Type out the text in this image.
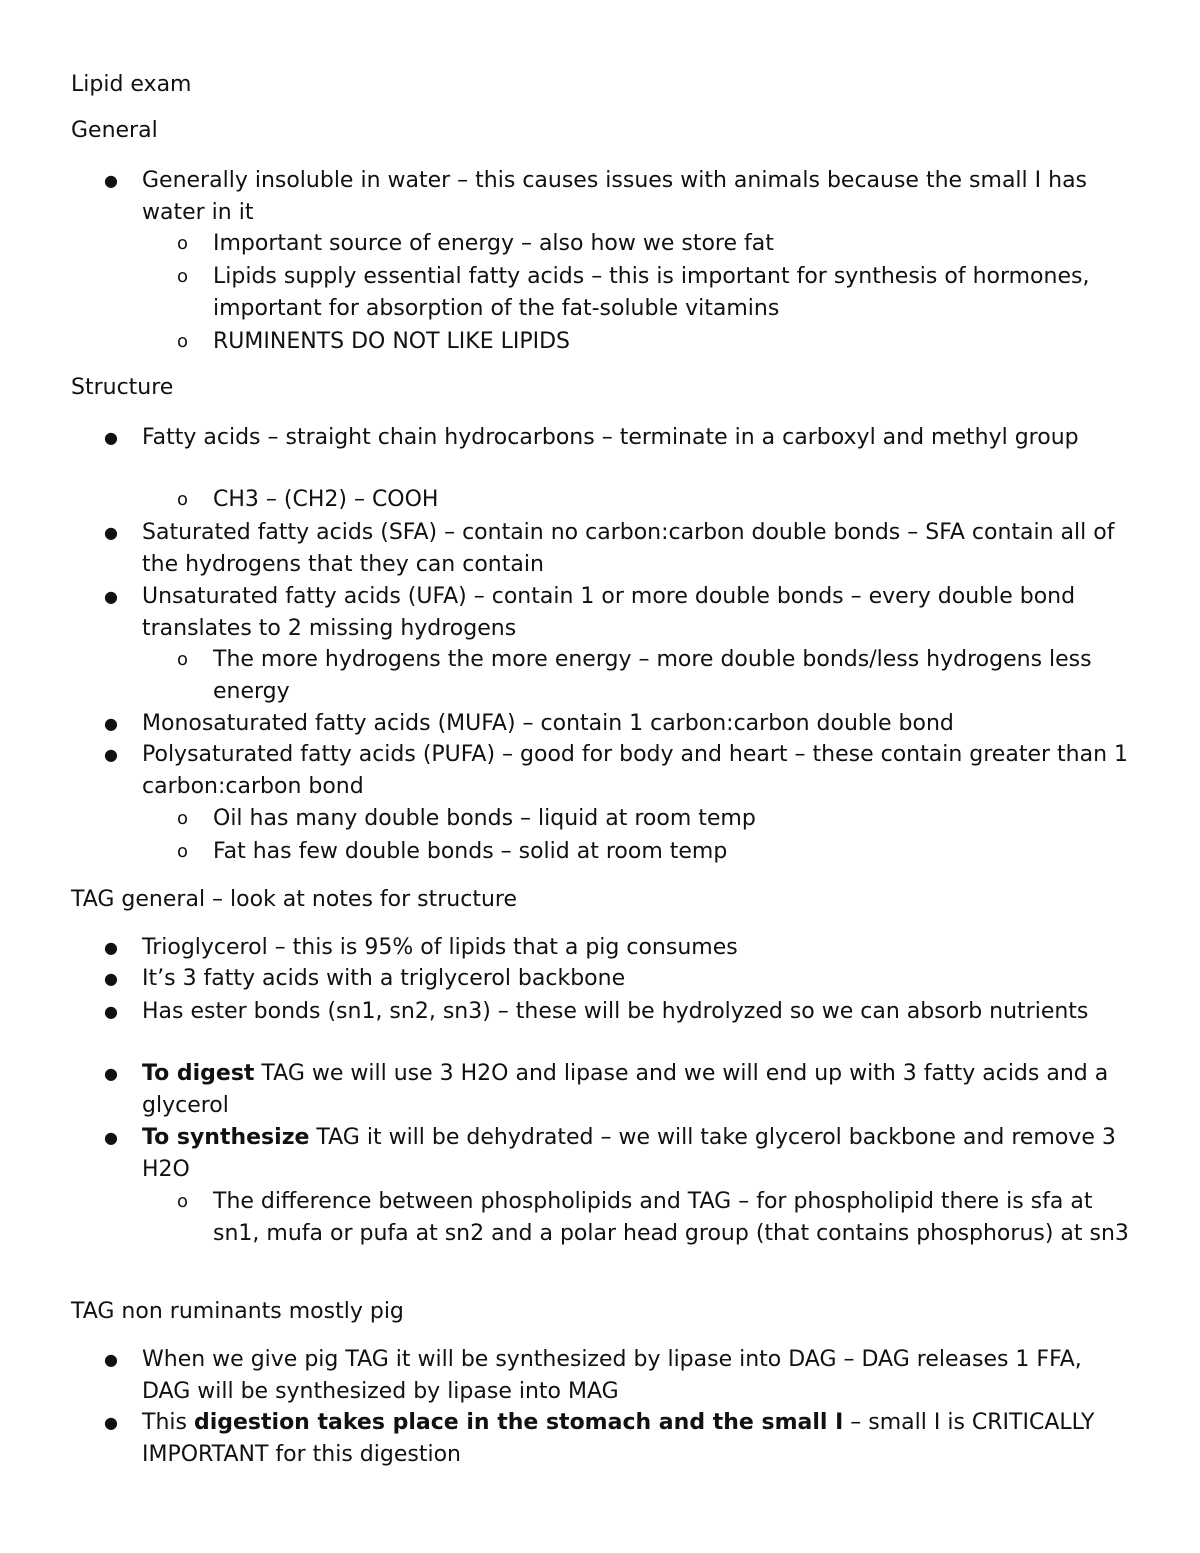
Lipid exam
General
● Generally insoluble in water – this causes issues with animals because the small I has water in it
o Important source of energy – also how we store fat
o Lipids supply essential fatty acids – this is important for synthesis of hormones, important for absorption of the fat-soluble vitamins
o RUMINENTS DO NOT LIKE LIPIDS
Structure
● Fatty acids – straight chain hydrocarbons – terminate in a carboxyl and methyl group
o CH3 – (CH2) – COOH
● Saturated fatty acids (SFA) – contain no carbon:carbon double bonds – SFA contain all of the hydrogens that they can contain
● Unsaturated fatty acids (UFA) – contain 1 or more double bonds – every double bond translates to 2 missing hydrogens
o The more hydrogens the more energy – more double bonds/less hydrogens less energy
● Monosaturated fatty acids (MUFA) – contain 1 carbon:carbon double bond
● Polysaturated fatty acids (PUFA) – good for body and heart – these contain greater than 1 carbon:carbon bond
o Oil has many double bonds – liquid at room temp
o Fat has few double bonds – solid at room temp
TAG general – look at notes for structure
● Trioglycerol – this is 95% of lipids that a pig consumes
● It’s 3 fatty acids with a triglycerol backbone
● Has ester bonds (sn1, sn2, sn3) – these will be hydrolyzed so we can absorb nutrients
● To digest TAG we will use 3 H2O and lipase and we will end up with 3 fatty acids and a glycerol
● To synthesize TAG it will be dehydrated – we will take glycerol backbone and remove 3 H2O
o The difference between phospholipids and TAG – for phospholipid there is sfa at sn1, mufa or pufa at sn2 and a polar head group (that contains phosphorus) at sn3
TAG non ruminants mostly pig
● When we give pig TAG it will be synthesized by lipase into DAG – DAG releases 1 FFA, DAG will be synthesized by lipase into MAG
● This digestion takes place in the stomach and the small I – small I is CRITICALLY IMPORTANT for this digestion
